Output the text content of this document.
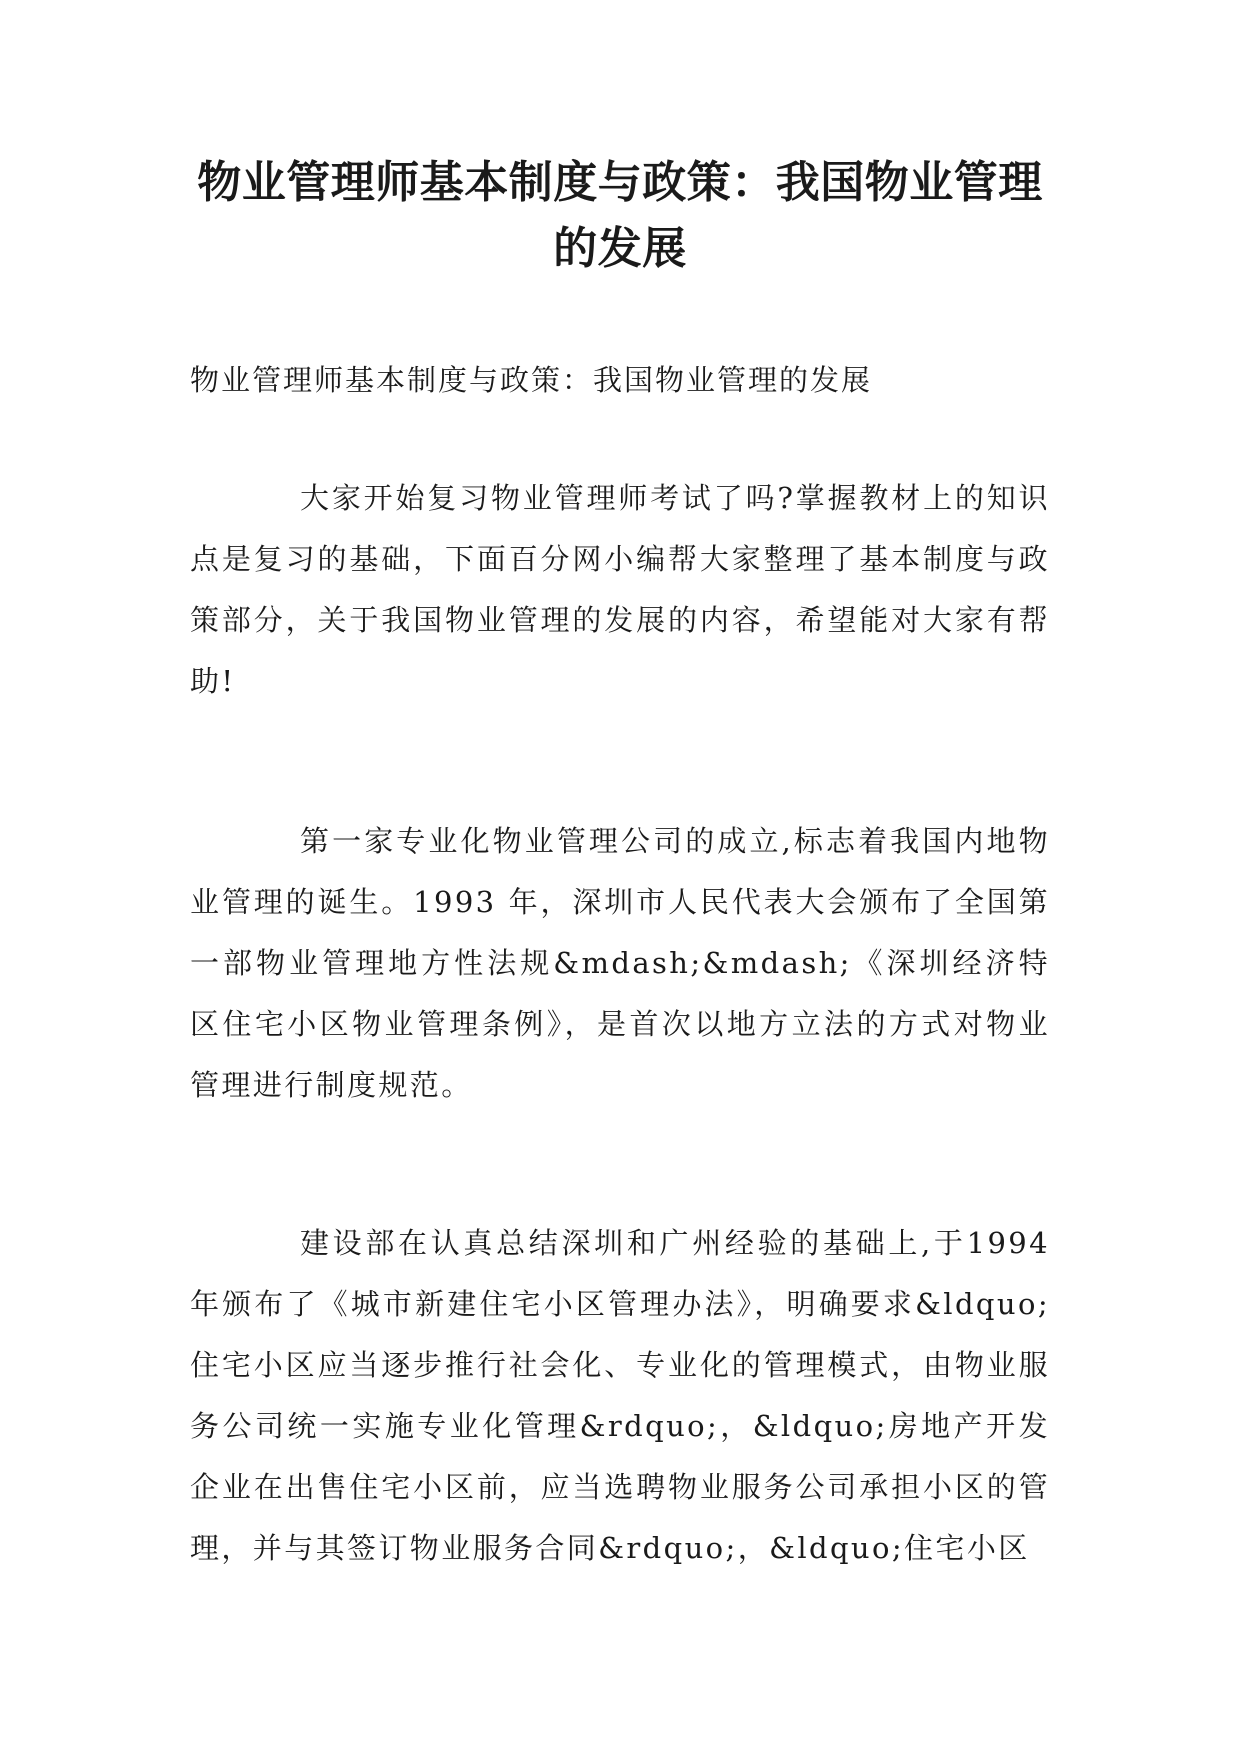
物业管理师基本制度与政策：我国物业管理的发展

物业管理师基本制度与政策：我国物业管理的发展

大家开始复习物业管理师考试了吗?掌握教材上的知识点是复习的基础，下面百分网小编帮大家整理了基本制度与政策部分，关于我国物业管理的发展的内容，希望能对大家有帮助!

第一家专业化物业管理公司的成立,标志着我国内地物业管理的诞生。1993 年，深圳市人民代表大会颁布了全国第一部物业管理地方性法规&mdash;&mdash;《深圳经济特区住宅小区物业管理条例》，是首次以地方立法的方式对物业管理进行制度规范。

建设部在认真总结深圳和广州经验的基础上,于1994年颁布了《城市新建住宅小区管理办法》，明确要求&ldquo;住宅小区应当逐步推行社会化、专业化的管理模式，由物业服务公司统一实施专业化管理&rdquo;，&ldquo;房地产开发企业在出售住宅小区前，应当选聘物业服务公司承担小区的管理，并与其签订物业服务合同&rdquo;，&ldquo;住宅小区
